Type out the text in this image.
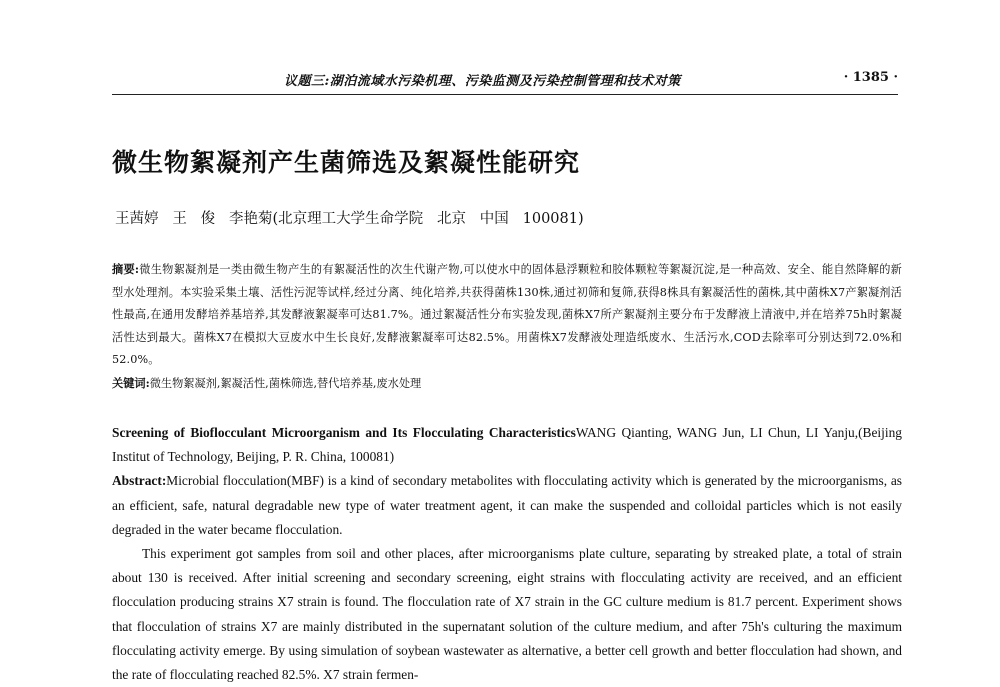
议题三:湖泊流域水污染机理、污染监测及污染控制管理和技术对策	· 1385 ·
微生物絮凝剂产生菌筛选及絮凝性能研究
王茜婷   王   俊   李艳菊(北京理工大学生命学院   北京   中国   100081)
摘要:微生物絮凝剂是一类由微生物产生的有絮凝活性的次生代谢产物,可以使水中的固体悬浮颗粒和胶体颗粒等絮凝沉淀,是一种高效、安全、能自然降解的新型水处理剂。本实验采集土壤、活性污泥等试样,经过分离、纯化培养,共获得菌株130株,通过初筛和复筛,获得8株具有絮凝活性的菌株,其中菌株X7产絮凝剂活性最高,在通用发酵培养基培养,其发酵液絮凝率可达81.7%。通过絮凝活性分布实验发现,菌株X7所产絮凝剂主要分布于发酵液上清液中,并在培养75h时絮凝活性达到最大。菌株X7在模拟大豆废水中生长良好,发酵液絮凝率可达82.5%。用菌株X7发酵液处理造纸废水、生活污水,COD去除率可分别达到72.0%和52.0%。
关键词:微生物絮凝剂,絮凝活性,菌株筛选,替代培养基,废水处理

Screening of Bioflocculant Microorganism and Its Flocculating CharacteristicsWANG Qianting, WANG Jun, LI Chun, LI Yanju,(Beijing Institut of Technology, Beijing, P. R. China, 100081)

Abstract:Microbial flocculation(MBF) is a kind of secondary metabolites with flocculating activity which is generated by the microorganisms, as an efficient, safe, natural degradable new type of water treatment agent, it can make the suspended and colloidal particles which is not easily degraded in the water became flocculation.

This experiment got samples from soil and other places, after microorganisms plate culture, separating by streaked plate, a total of strain about 130 is received. After initial screening and secondary screening, eight strains with flocculating activity are received, and an efficient flocculation producing strains X7 strain is found. The flocculation rate of X7 strain in the GC culture medium is 81.7 percent. Experiment shows that flocculation of strains X7 are mainly distributed in the supernatant solution of the culture medium, and after 75h's culturing the maximum flocculating activity emerge. By using simulation of soybean wastewater as alternative, a better cell growth and better flocculation had shown, and the rate of flocculating reached 82.5%. X7 strain fermen-
